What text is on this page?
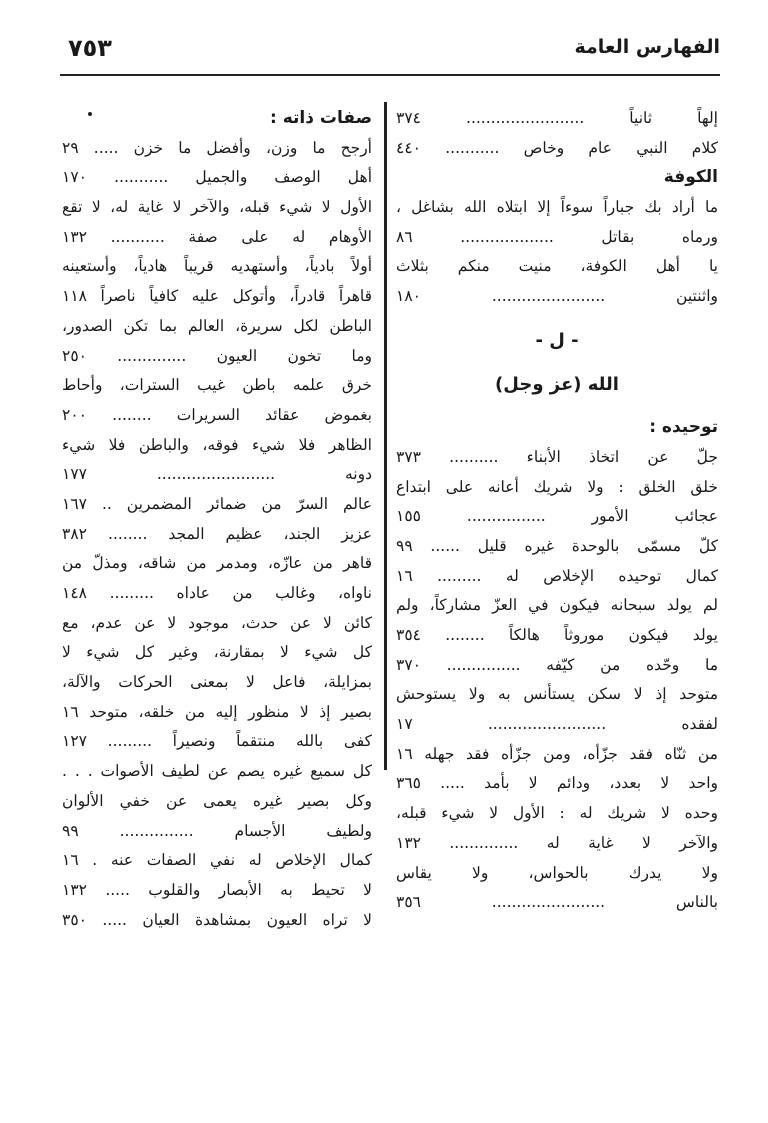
٧٥٣	الفهارس العامة
إلهاً ثانياً ........................ ٣٧٤
كلام النبي عام وخاص ........... ٤٤٠
الكوفة
ما أراد بك جباراً سوءاً إلا ابتلاه الله بشاغل ،
ورماه بقاتل ................... ٨٦
يا أهل الكوفة، منيت منكم بثلاث
واثنتين ....................... ١٨٠
- ل -
الله (عز وجل)
توحيده :
جلّ عن اتخاذ الأبناء .......... ٣٧٣
خلق الخلق : ولا شريك أعانه على ابتداع
عجائب الأمور ................ ١٥٥
كلّ مسمّى بالوحدة غيره قليل ...... ٩٩
كمال توحيده الإخلاص له ......... ١٦
لم يولد سبحانه فيكون في العزّ مشاركاً، ولم
يولد فيكون موروثاً هالكاً ........ ٣٥٤
ما وحّده من كيّفه ............... ٣٧٠
متوحد إذ لا سكن يستأنس به ولا يستوحش
لفقده ........................ ١٧
من ثنّاه فقد جزّأه، ومن جزّأه فقد جهله ١٦
واحد لا بعدد، ودائم لا بأمد ..... ٣٦٥
وحده لا شريك له : الأول لا شيء قبله،
والآخر لا غاية له .............. ١٣٢
ولا يدرك بالحواس، ولا يقاس
بالناس ....................... ٣٥٦
صفات ذاته :
أرجح ما وزن، وأفضل ما خزن ..... ٢٩
أهل الوصف والجميل ........... ١٧٠
الأول لا شيء قبله، والآخر لا غاية له، لا تقع
الأوهام له على صفة ........... ١٣٢
أولاً بادياً، وأستهديه قريباً هادياً، وأستعينه
قاهراً قادراً، وأتوكل عليه كافياً ناصراً ١١٨
الباطن لكل سريرة، العالم بما تكن الصدور،
وما تخون العيون .............. ٢٥٠
خرق علمه باطن غيب السترات، وأحاط
بغموض عقائد السريرات ........ ٢٠٠
الظاهر فلا شيء فوقه، والباطن فلا شيء
دونه ........................ ١٧٧
عالم السرّ من ضمائر المضمرين .. ١٦٧
عزيز الجند، عظيم المجد ........ ٣٨٢
قاهر من عازّه، ومدمر من شاقه، ومذلّ من
ناواه، وغالب من عاداه ......... ١٤٨
كائن لا عن حدث، موجود لا عن عدم، مع
كل شيء لا بمقارنة، وغير كل شيء لا
بمزايلة، فاعل لا بمعنى الحركات والآلة،
بصير إذ لا منظور إليه من خلقه، متوحد ١٦
كفى بالله منتقماً ونصيراً ......... ١٢٧
كل سميع غيره يصم عن لطيف الأصوات . . .
وكل بصير غيره يعمى عن خفي الألوان
ولطيف الأجسام ............... ٩٩
كمال الإخلاص له نفي الصفات عنه . ١٦
لا تحيط به الأبصار والقلوب ..... ١٣٢
لا تراه العيون بمشاهدة العيان ..... ٣٥٠
